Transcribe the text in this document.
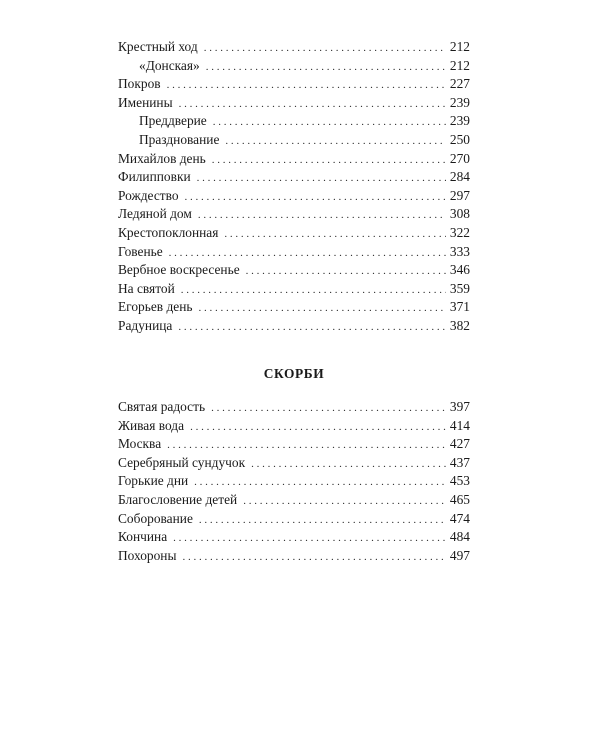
Крестный ход . . .	212
«Донская» . . .	212
Покров . . .	227
Именины . . .	239
Преддверие . . .	239
Празднование . . .	250
Михайлов день . . .	270
Филипповки . . .	284
Рождество . . .	297
Ледяной дом . . .	308
Крестопоклонная . . .	322
Говенье . . .	333
Вербное воскресенье . . .	346
На святой . . .	359
Егорьев день . . .	371
Радуница . . .	382
СКОРБИ
Святая радость . . .	397
Живая вода . . .	414
Москва . . .	427
Серебряный сундучок . . .	437
Горькие дни . . .	453
Благословение детей . . .	465
Соборование . . .	474
Кончина . . .	484
Похороны . . .	497
